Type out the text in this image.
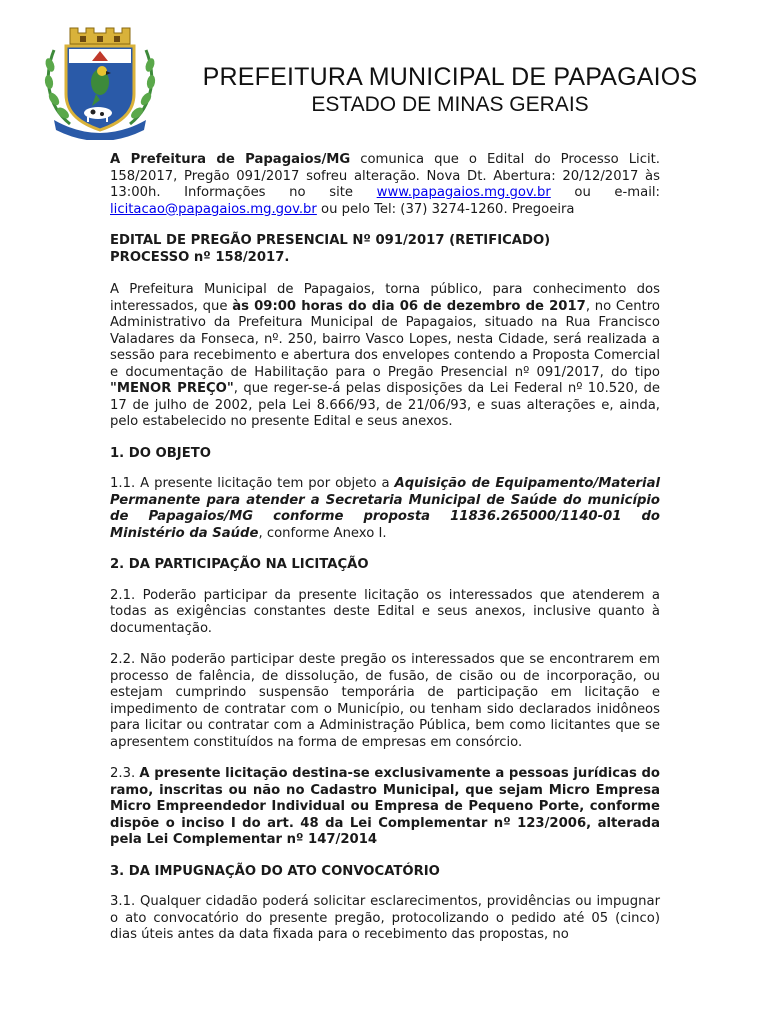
PREFEITURA MUNICIPAL DE PAPAGAIOS
ESTADO DE MINAS GERAIS

A Prefeitura de Papagaios/MG comunica que o Edital do Processo Licit. 158/2017, Pregão 091/2017 sofreu alteração. Nova Dt. Abertura: 20/12/2017 às 13:00h. Informações no site www.papagaios.mg.gov.br ou e-mail: licitacao@papagaios.mg.gov.br ou pelo Tel: (37) 3274-1260. Pregoeira

EDITAL DE PREGÃO PRESENCIAL Nº 091/2017 (RETIFICADO)
PROCESSO nº 158/2017.

A Prefeitura Municipal de Papagaios, torna público, para conhecimento dos interessados, que às 09:00 horas do dia 06 de dezembro de 2017, no Centro Administrativo da Prefeitura Municipal de Papagaios, situado na Rua Francisco Valadares da Fonseca, nº. 250, bairro Vasco Lopes, nesta Cidade, será realizada a sessão para recebimento e abertura dos envelopes contendo a Proposta Comercial e documentação de Habilitação para o Pregão Presencial nº 091/2017, do tipo "MENOR PREÇO", que reger-se-á pelas disposições da Lei Federal nº 10.520, de 17 de julho de 2002, pela Lei 8.666/93, de 21/06/93, e suas alterações e, ainda, pelo estabelecido no presente Edital e seus anexos.

1. DO OBJETO

1.1. A presente licitação tem por objeto a Aquisição de Equipamento/Material Permanente para atender a Secretaria Municipal de Saúde do município de Papagaios/MG conforme proposta 11836.265000/1140-01 do Ministério da Saúde, conforme Anexo I.

2. DA PARTICIPAÇÃO NA LICITAÇÃO

2.1. Poderão participar da presente licitação os interessados que atenderem a todas as exigências constantes deste Edital e seus anexos, inclusive quanto à documentação.

2.2. Não poderão participar deste pregão os interessados que se encontrarem em processo de falência, de dissolução, de fusão, de cisão ou de incorporação, ou estejam cumprindo suspensão temporária de participação em licitação e impedimento de contratar com o Município, ou tenham sido declarados inidôneos para licitar ou contratar com a Administração Pública, bem como licitantes que se apresentem constituídos na forma de empresas em consórcio.

2.3. A presente licitação destina-se exclusivamente a pessoas jurídicas do ramo, inscritas ou não no Cadastro Municipal, que sejam Micro Empresa Micro Empreendedor Individual ou Empresa de Pequeno Porte, conforme dispõe o inciso I do art. 48 da Lei Complementar nº 123/2006, alterada pela Lei Complementar nº 147/2014

3. DA IMPUGNAÇÃO DO ATO CONVOCATÓRIO

3.1. Qualquer cidadão poderá solicitar esclarecimentos, providências ou impugnar o ato convocatório do presente pregão, protocolizando o pedido até 05 (cinco) dias úteis antes da data fixada para o recebimento das propostas, no
